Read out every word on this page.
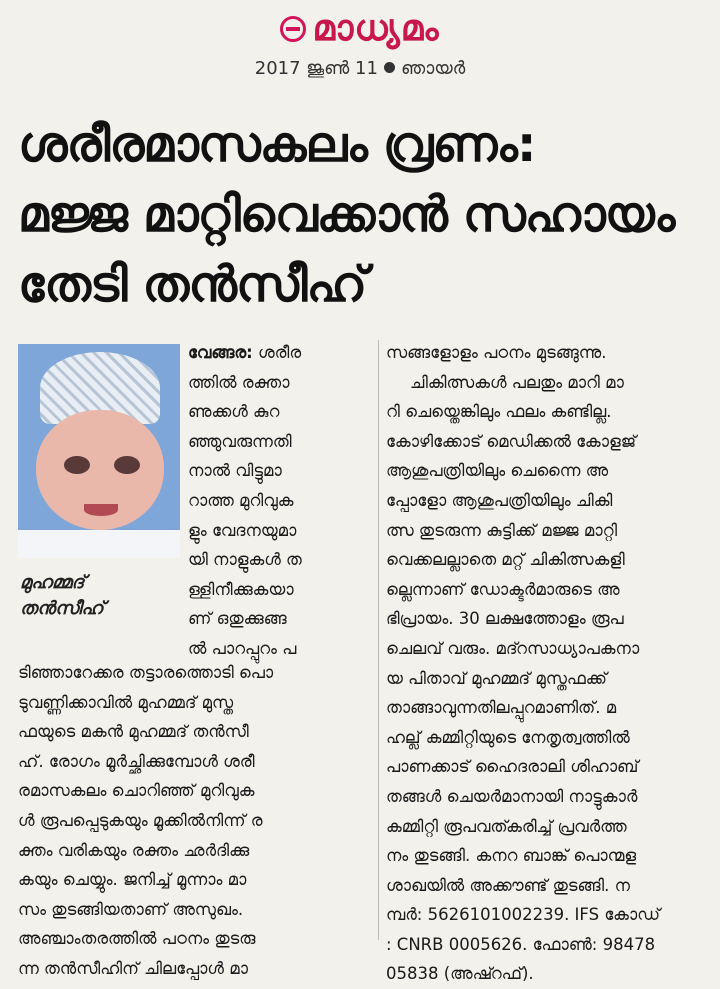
മാധ്യമം
2017 ജൂൺ 11 ഞായർ
ശരീരമാസകലം വ്രണം:
മജ്ജ മാറ്റിവെക്കാൻ സഹായം
തേടി തൻസീഹ്
മുഹമ്മദ്
തൻസീഹ്
വേങ്ങര: ശരീര
ത്തിൽ രക്താ
ണുക്കൾ കുറ
ഞ്ഞുവരുന്നതി
നാൽ വിട്ടുമാ
റാത്ത മുറിവുക
ളും വേദനയുമാ
യി നാളുകൾ ത
ള്ളിനീക്കുകയാ
ണ് ഒതുക്കുങ്ങ
ൽ പാറപ്പുറം പ
ടിഞ്ഞാറേക്കര തട്ടാരത്തൊടി പൊ
ടുവണ്ണിക്കാവിൽ മുഹമ്മദ് മുസ്ത
ഫയുടെ മകൻ മുഹമ്മദ് തൻസീ
ഹ്. രോഗം മൂർച്ഛിക്കുമ്പോൾ ശരീ
രമാസകലം ചൊറിഞ്ഞ് മുറിവുക
ൾ രൂപപ്പെടുകയും മൂക്കിൽനിന്ന് ര
ക്തം വരികയും രക്തം ഛർദിക്കു
കയും ചെയ്യും. ജനിച്ച് മൂന്നാം മാ
സം തുടങ്ങിയതാണ് അസുഖം.
അഞ്ചാംതരത്തിൽ പഠനം തുടരു
ന്ന തൻസീഹിന് ചിലപ്പോൾ മാ
സങ്ങളോളം പഠനം മുടങ്ങുന്നു.
ചികിത്സകൾ പലതും മാറി മാ
റി ചെയ്തെങ്കിലും ഫലം കണ്ടില്ല.
കോഴിക്കോട് മെഡിക്കൽ കോളജ്
ആശുപത്രിയിലും ചെന്നൈ അ
പ്പോളോ ആശുപത്രിയിലും ചികി
ത്സ തുടരുന്ന കുട്ടിക്ക് മജ്ജ മാറ്റി
വെക്കലല്ലാതെ മറ്റ് ചികിത്സകളി
ല്ലെന്നാണ് ഡോക്ടർമാരുടെ അ
ഭിപ്രായം. 30 ലക്ഷത്തോളം രൂപ
ചെലവ് വരും. മദ്റസാധ്യാപകനാ
യ പിതാവ് മുഹമ്മദ് മുസ്തഫക്ക്
താങ്ങാവുന്നതിലപ്പുറമാണിത്. മ
ഹല്ല് കമ്മിറ്റിയുടെ നേതൃത്വത്തിൽ
പാണക്കാട് ഹൈദരാലി ശിഹാബ്
തങ്ങൾ ചെയർമാനായി നാട്ടുകാർ
കമ്മിറ്റി രൂപവത്കരിച്ച് പ്രവർത്ത
നം തുടങ്ങി. കനറ ബാങ്ക് പൊന്മള
ശാഖയിൽ അക്കൗണ്ട് തുടങ്ങി. ന
മ്പർ: 5626101002239. IFS കോഡ്
: CNRB 0005626. ഫോൺ: 98478
05838 (അഷ്റഫ്).
